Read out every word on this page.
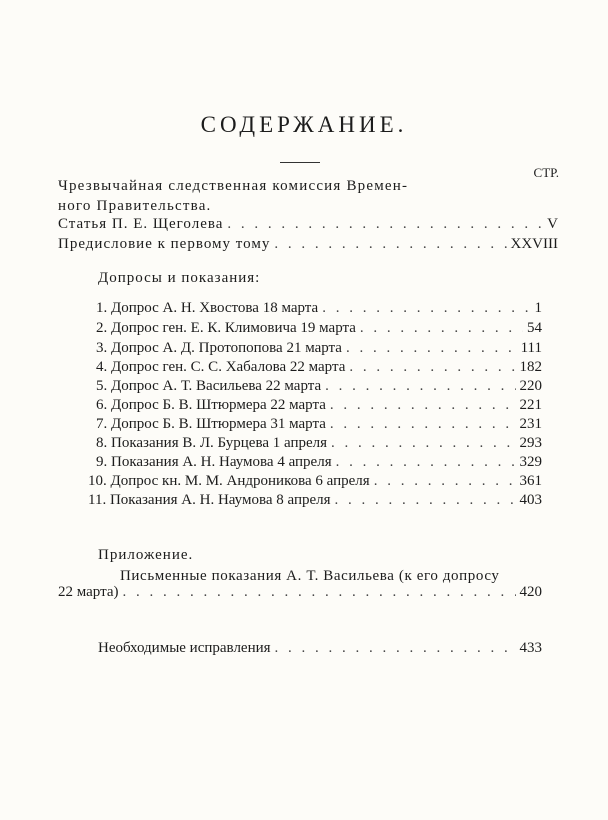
СОДЕРЖАНИЕ.
СТР.
Чрезвычайная следственная комиссия Времен-
ного Правительства.
Статья П. Е. Щеголева . . .	V
Предисловие к первому тому . . .	XXVIII
Допросы и показания:
1. Допрос А. Н. Хвостова 18 марта . . .	1
2. Допрос ген. Е. К. Климовича 19 марта . . .	54
3. Допрос А. Д. Протопопова 21 марта . . .	111
4. Допрос ген. С. С. Хабалова 22 марта . . .	182
5. Допрос А. Т. Васильева 22 марта . . .	220
6. Допрос Б. В. Штюрмера 22 марта . . .	221
7. Допрос Б. В. Штюрмера 31 марта . . .	231
8. Показания В. Л. Бурцева 1 апреля . . .	293
9. Показания А. Н. Наумова 4 апреля . . .	329
10. Допрос кн. М. М. Андроникова 6 апреля . . .	361
11. Показания А. Н. Наумова 8 апреля . . .	403
Приложение.
Письменные показания А. Т. Васильева (к его допросу
22 марта) . . .	420
Необходимые исправления . . .	433
